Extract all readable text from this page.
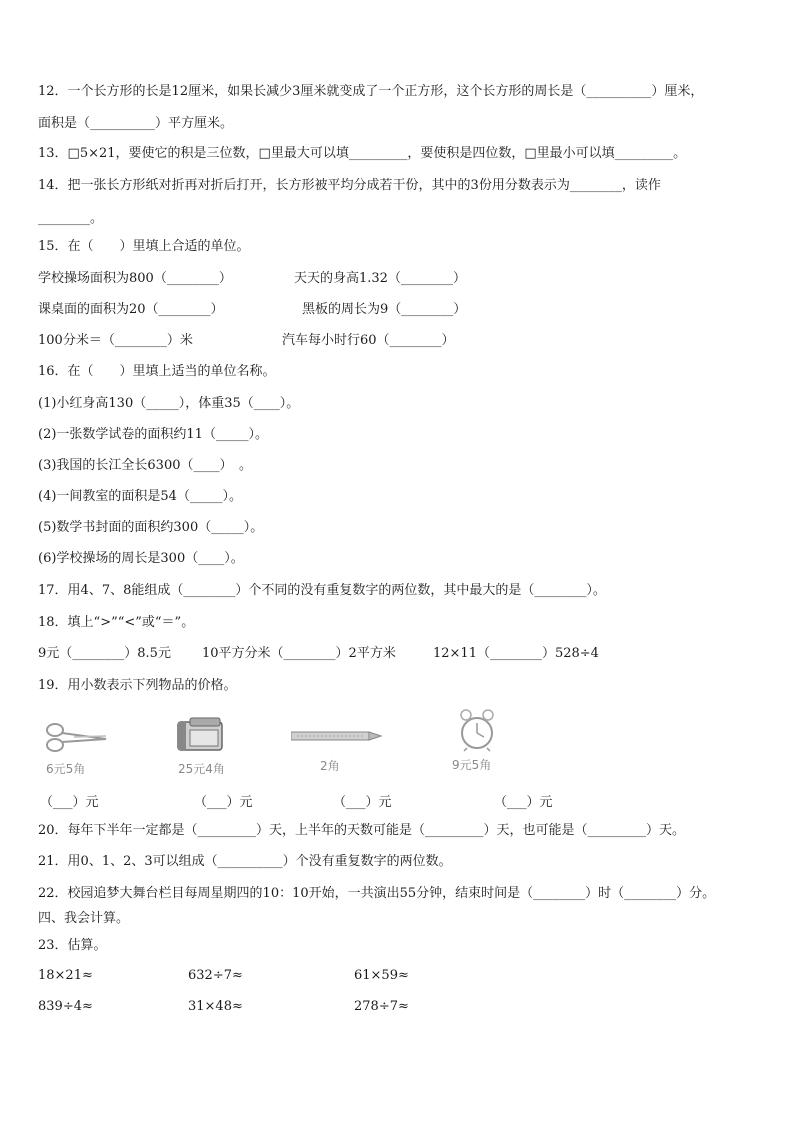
12．一个长方形的长是12厘米，如果长减少3厘米就变成了一个正方形，这个长方形的周长是（__________）厘米，
面积是（__________）平方厘米。
13．□5×21，要使它的积是三位数，□里最大可以填_________，要使积是四位数，□里最小可以填_________。
14．把一张长方形纸对折再对折后打开，长方形被平均分成若干份，其中的3份用分数表示为________，读作
________。
15．在（　　）里填上合适的单位。
学校操场面积为800（________）	天天的身高1.32（________）
课桌面的面积为20（________）	黑板的周长为9（________）
100分米＝（________）米	汽车每小时行60（________）
16．在（　　）里填上适当的单位名称。
(1)小红身高130（_____），体重35（____）。
(2)一张数学试卷的面积约11（_____）。
(3)我国的长江全长6300（____）　。
(4)一间教室的面积是54（_____）。
(5)数学书封面的面积约300（_____）。
(6)学校操场的周长是300（____）。
17．用4、7、8能组成（________）个不同的没有重复数字的两位数，其中最大的是（________）。
18．填上“>”“<”或“＝”。
9元（________）8.5元 10平方分米（________）2平方米	12×11（________）528÷4
19．用小数表示下列物品的价格。
6元5角	25元4角	2角	9元5角
（___）元	（___）元	（___）元	（___）元
20．每年下半年一定都是（_________）天，上半年的天数可能是（_________）天，也可能是（_________）天。
21．用0、1、2、3可以组成（__________）个没有重复数字的两位数。
22．校园追梦大舞台栏目每周星期四的10：10开始，一共演出55分钟，结束时间是（________）时（________）分。
四、我会计算。
23．估算。
18×21≈	632÷7≈	61×59≈
839÷4≈	31×48≈	278÷7≈
